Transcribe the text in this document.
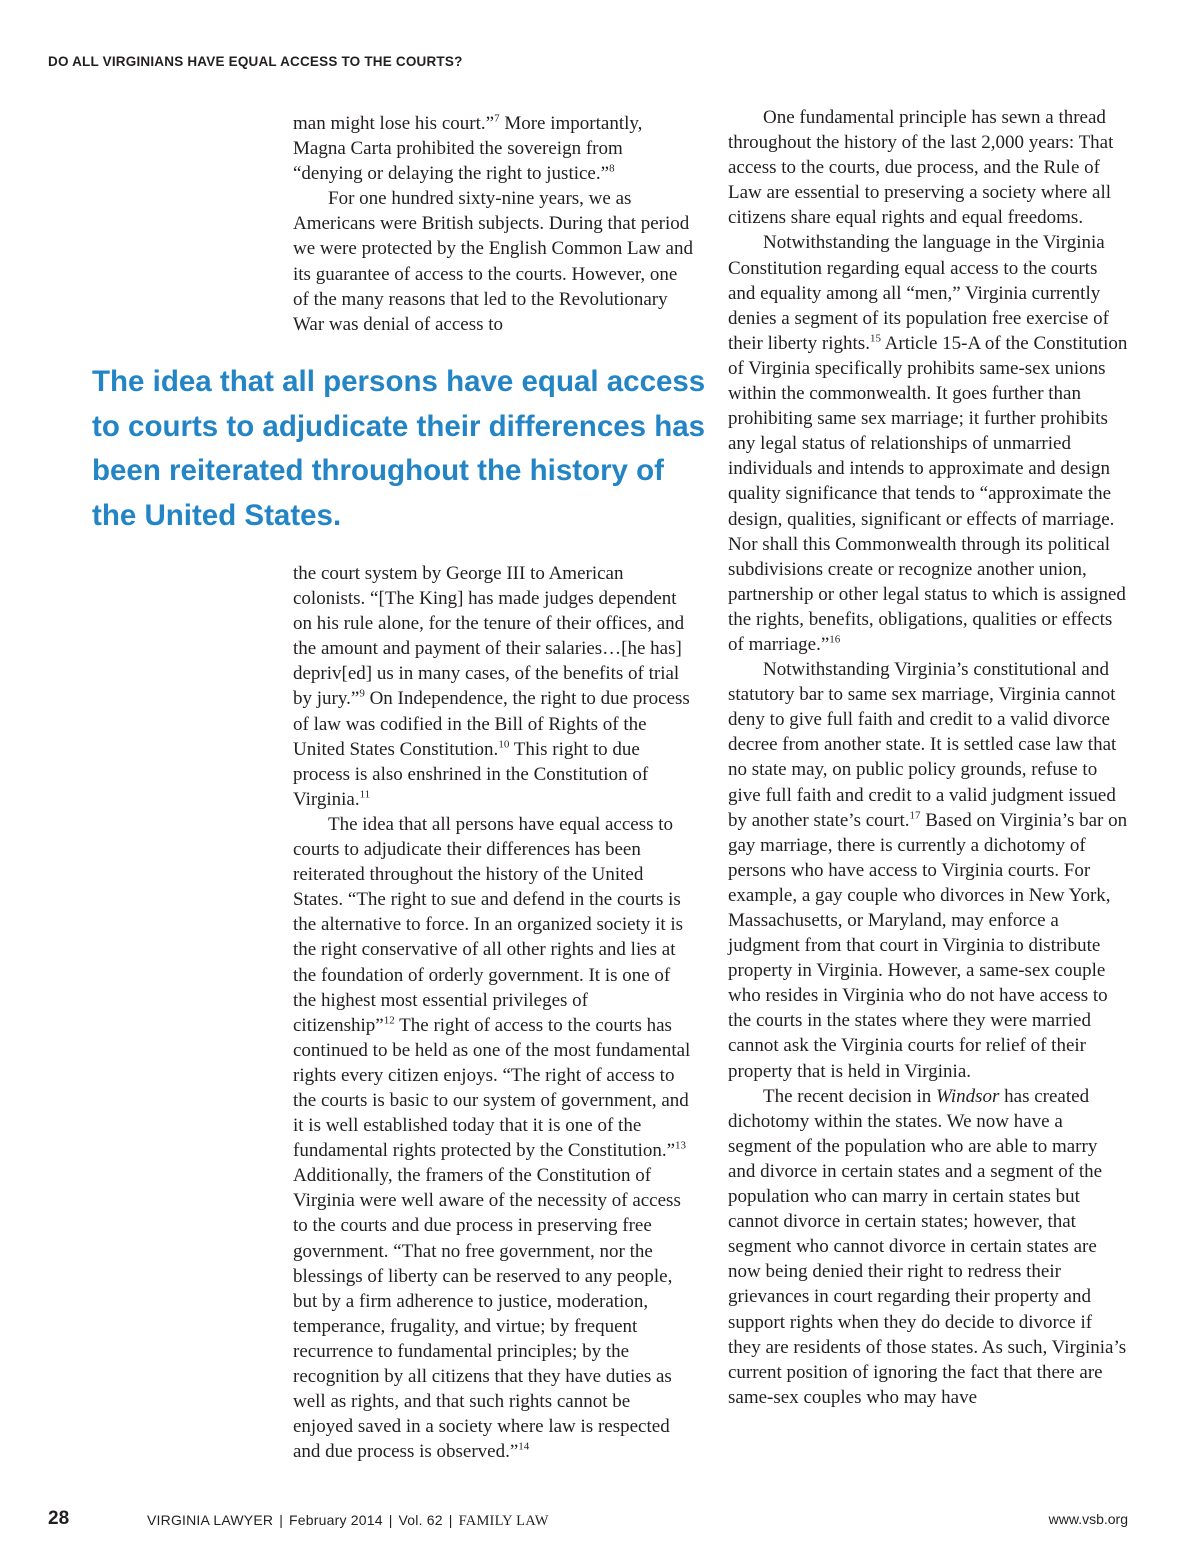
DO ALL VIRGINIANS HAVE EQUAL ACCESS TO THE COURTS?

man might lose his court.”$^7$ More importantly, Magna Carta prohibited the sovereign from “denying or delaying the right to justice.”$^8$

For one hundred sixty-nine years, we as Americans were British subjects. During that period we were protected by the English Common Law and its guarantee of access to the courts. However, one of the many reasons that led to the Revolutionary War was denial of access to

The idea that all persons have equal access to courts to adjudicate their differences has been reiterated throughout the history of the United States.

the court system by George III to American colonists. “[The King] has made judges dependent on his rule alone, for the tenure of their offices, and the amount and payment of their salaries…[he has] depriv[ed] us in many cases, of the benefits of trial by jury.”$^9$ On Independence, the right to due process of law was codified in the Bill of Rights of the United States Constitution.$^{10}$ This right to due process is also enshrined in the Constitution of Virginia.$^{11}$

The idea that all persons have equal access to courts to adjudicate their differences has been reiterated throughout the history of the United States. “The right to sue and defend in the courts is the alternative to force. In an organized society it is the right conservative of all other rights and lies at the foundation of orderly government. It is one of the highest most essential privileges of citizenship”$^{12}$ The right of access to the courts has continued to be held as one of the most fundamental rights every citizen enjoys. “The right of access to the courts is basic to our system of government, and it is well established today that it is one of the fundamental rights protected by the Constitution.”$^{13}$ Additionally, the framers of the Constitution of Virginia were well aware of the necessity of access to the courts and due process in preserving free government. “That no free government, nor the blessings of liberty can be reserved to any people, but by a firm adherence to justice, moderation, temperance, frugality, and virtue; by frequent recurrence to fundamental principles; by the recognition by all citizens that they have duties as well as rights, and that such rights cannot be enjoyed saved in a society where law is respected and due process is observed.”$^{14}$

One fundamental principle has sewn a thread throughout the history of the last 2,000 years: That access to the courts, due process, and the Rule of Law are essential to preserving a society where all citizens share equal rights and equal freedoms.

Notwithstanding the language in the Virginia Constitution regarding equal access to the courts and equality among all “men,” Virginia currently denies a segment of its population free exercise of their liberty rights.$^{15}$ Article 15-A of the Constitution of Virginia specifically prohibits same-sex unions within the commonwealth. It goes further than prohibiting same sex marriage; it further prohibits any legal status of relationships of unmarried individuals and intends to approximate and design quality significance that tends to “approximate the design, qualities, significant or effects of marriage. Nor shall this Commonwealth through its political subdivisions create or recognize another union, partnership or other legal status to which is assigned the rights, benefits, obligations, qualities or effects of marriage.”$^{16}$

Notwithstanding Virginia’s constitutional and statutory bar to same sex marriage, Virginia cannot deny to give full faith and credit to a valid divorce decree from another state. It is settled case law that no state may, on public policy grounds, refuse to give full faith and credit to a valid judgment issued by another state’s court.$^{17}$ Based on Virginia’s bar on gay marriage, there is currently a dichotomy of persons who have access to Virginia courts. For example, a gay couple who divorces in New York, Massachusetts, or Maryland, may enforce a judgment from that court in Virginia to distribute property in Virginia. However, a same-sex couple who resides in Virginia who do not have access to the courts in the states where they were married cannot ask the Virginia courts for relief of their property that is held in Virginia.

The recent decision in Windsor has created dichotomy within the states. We now have a segment of the population who are able to marry and divorce in certain states and a segment of the population who can marry in certain states but cannot divorce in certain states; however, that segment who cannot divorce in certain states are now being denied their right to redress their grievances in court regarding their property and support rights when they do decide to divorce if they are residents of those states. As such, Virginia’s current position of ignoring the fact that there are same-sex couples who may have

28	VIRGINIA LAWYER | February 2014 | Vol. 62 | FAMILY LAW	www.vsb.org
